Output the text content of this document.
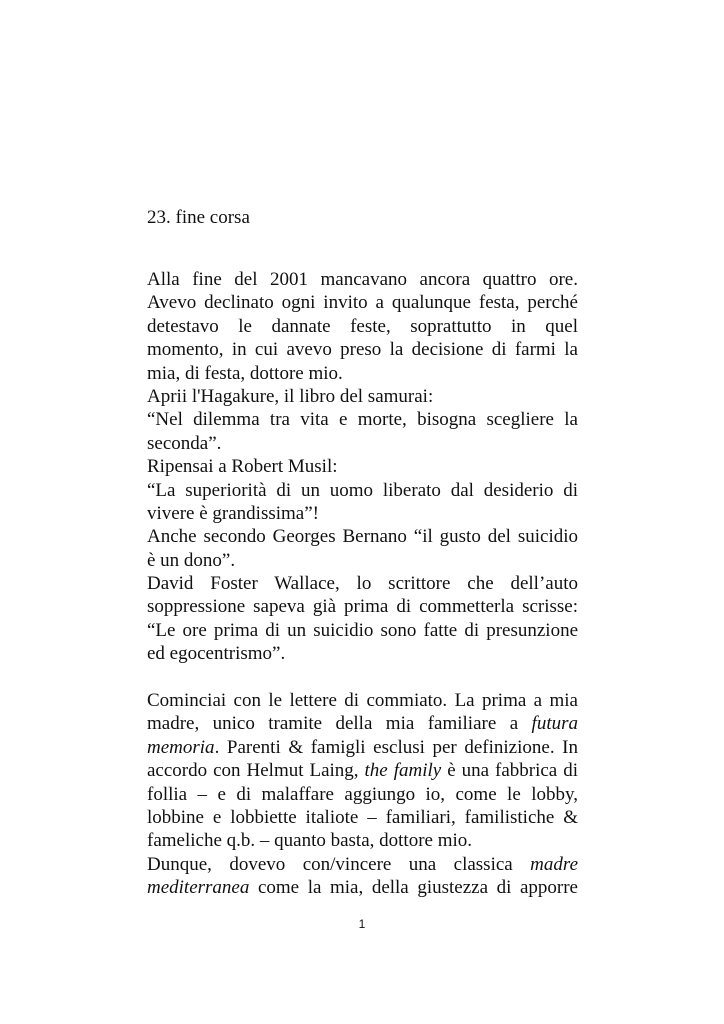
23. fine corsa
Alla fine del 2001 mancavano ancora quattro ore.
Avevo declinato ogni invito a qualunque festa, perché
detestavo le dannate feste, soprattutto in quel
momento, in cui avevo preso la decisione di farmi la
mia, di festa, dottore mio.
Aprii l'Hagakure, il libro del samurai:
“Nel dilemma tra vita e morte, bisogna scegliere la
seconda”.
Ripensai a Robert Musil:
“La superiorità di un uomo liberato dal desiderio di
vivere è grandissima”!
Anche secondo Georges Bernano “il gusto del suicidio
è un dono”.
David Foster Wallace, lo scrittore che dell’auto
soppressione sapeva già prima di commetterla scrisse:
“Le ore prima di un suicidio sono fatte di presunzione
ed egocentrismo”.
Cominciai con le lettere di commiato. La prima a mia
madre, unico tramite della mia familiare a futura
memoria. Parenti & famigli esclusi per definizione. In
accordo con Helmut Laing, the family è una fabbrica di
follia – e di malaffare aggiungo io, come le lobby,
lobbine e lobbiette italiote – familiari, familistiche &
fameliche q.b. – quanto basta, dottore mio.
Dunque, dovevo con/vincere una classica madre
mediterranea come la mia, della giustezza di apporre
1
